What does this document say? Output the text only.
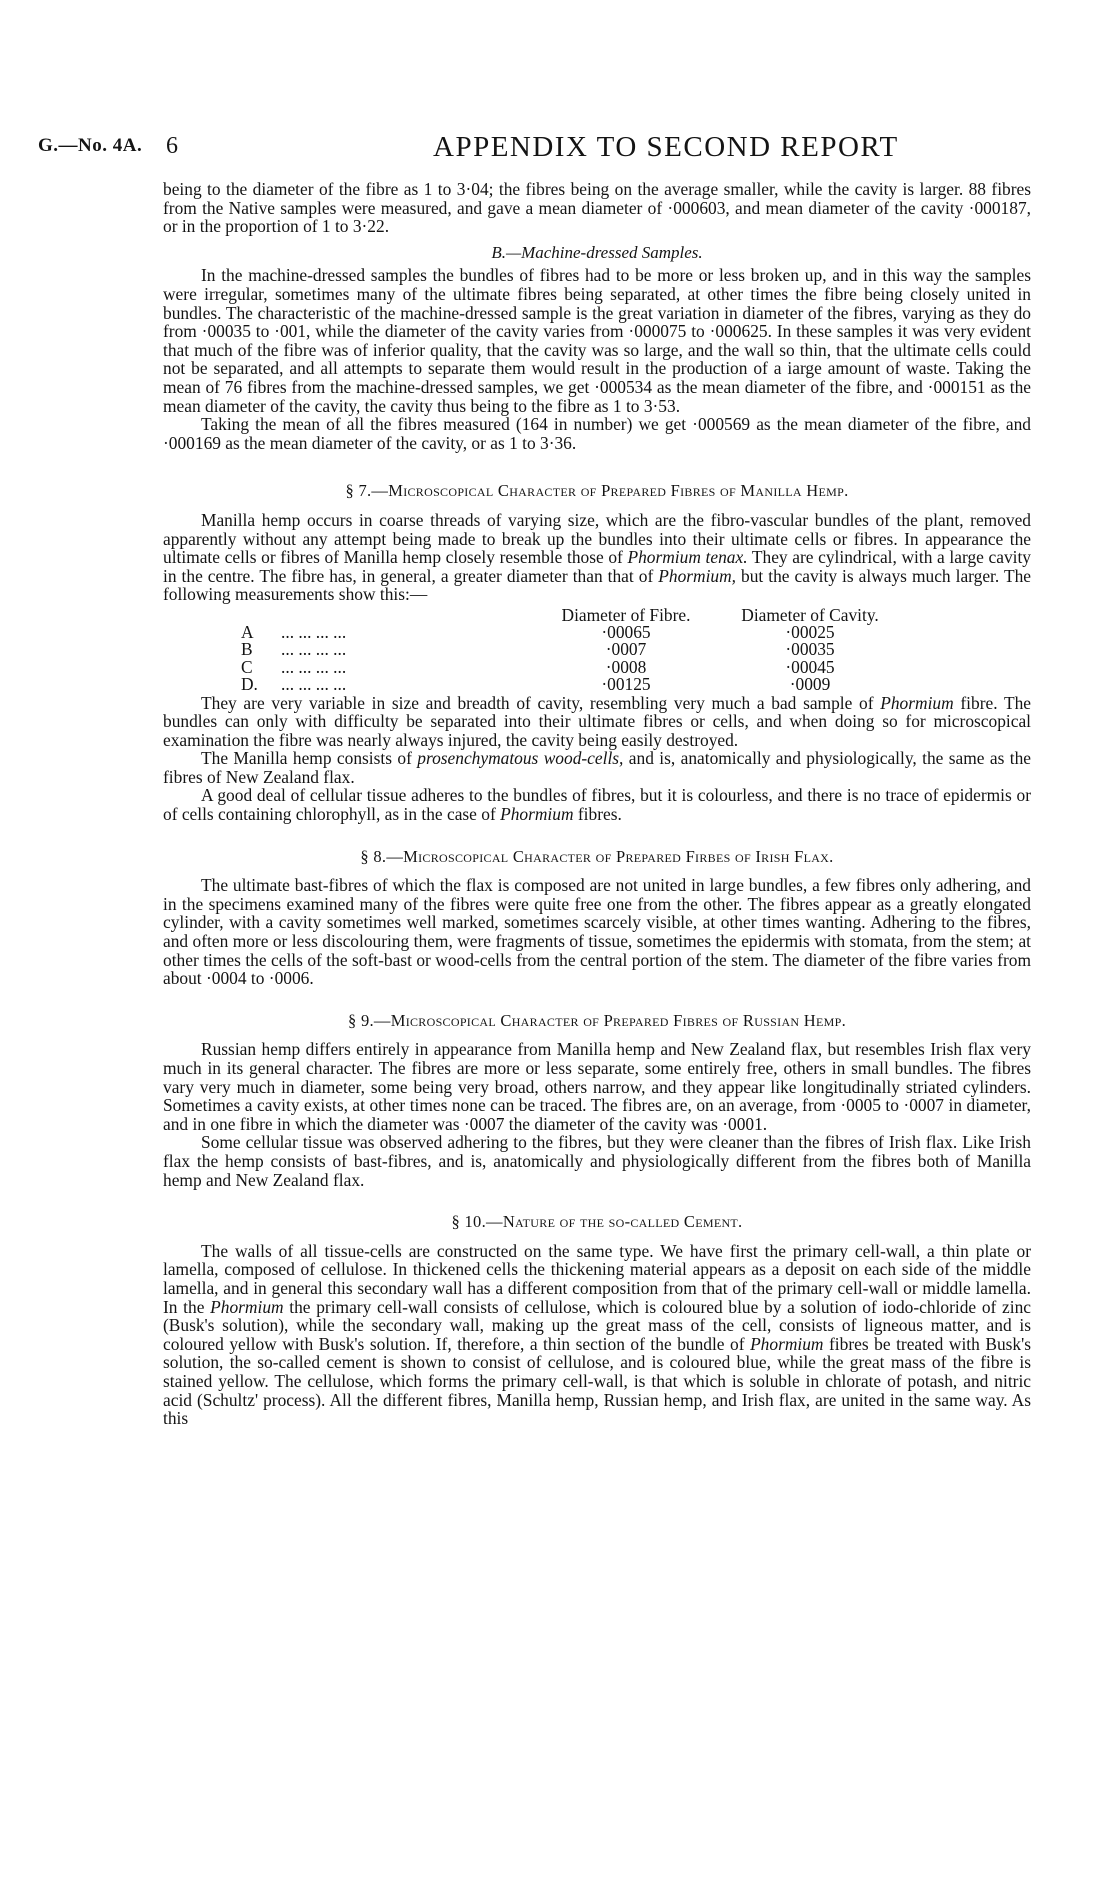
G.—No. 4A. 6	APPENDIX TO SECOND REPORT

being to the diameter of the fibre as 1 to 3·04; the fibres being on the average smaller, while the cavity is larger. 88 fibres from the Native samples were measured, and gave a mean diameter of ·000603, and mean diameter of the cavity ·000187, or in the proportion of 1 to 3·22.

B.—Machine-dressed Samples.

In the machine-dressed samples the bundles of fibres had to be more or less broken up, and in this way the samples were irregular, sometimes many of the ultimate fibres being separated, at other times the fibre being closely united in bundles. The characteristic of the machine-dressed sample is the great variation in diameter of the fibres, varying as they do from ·00035 to ·001, while the diameter of the cavity varies from ·000075 to ·000625. In these samples it was very evident that much of the fibre was of inferior quality, that the cavity was so large, and the wall so thin, that the ultimate cells could not be separated, and all attempts to separate them would result in the production of a iarge amount of waste. Taking the mean of 76 fibres from the machine-dressed samples, we get ·000534 as the mean diameter of the fibre, and ·000151 as the mean diameter of the cavity, the cavity thus being to the fibre as 1 to 3·53.

Taking the mean of all the fibres measured (164 in number) we get ·000569 as the mean diameter of the fibre, and ·000169 as the mean diameter of the cavity, or as 1 to 3·36.

§ 7.—Microscopical Character of Prepared Fibres of Manilla Hemp.

Manilla hemp occurs in coarse threads of varying size, which are the fibro-vascular bundles of the plant, removed apparently without any attempt being made to break up the bundles into their ultimate cells or fibres. In appearance the ultimate cells or fibres of Manilla hemp closely resemble those of Phormium tenax. They are cylindrical, with a large cavity in the centre. The fibre has, in general, a greater diameter than that of Phormium, but the cavity is always much larger. The following measurements show this:—

		Diameter of Fibre.	Diameter of Cavity.
A	... ... ... ...	·00065	·00025
B	... ... ... ...	·0007	·00035
C	... ... ... ...	·0008	·00045
D.	... ... ... ...	·00125	·0009

They are very variable in size and breadth of cavity, resembling very much a bad sample of Phormium fibre. The bundles can only with difficulty be separated into their ultimate fibres or cells, and when doing so for microscopical examination the fibre was nearly always injured, the cavity being easily destroyed.

The Manilla hemp consists of prosenchymatous wood-cells, and is, anatomically and physiologically, the same as the fibres of New Zealand flax.

A good deal of cellular tissue adheres to the bundles of fibres, but it is colourless, and there is no trace of epidermis or of cells containing chlorophyll, as in the case of Phormium fibres.

§ 8.—Microscopical Character of Prepared Firbes of Irish Flax.

The ultimate bast-fibres of which the flax is composed are not united in large bundles, a few fibres only adhering, and in the specimens examined many of the fibres were quite free one from the other. The fibres appear as a greatly elongated cylinder, with a cavity sometimes well marked, sometimes scarcely visible, at other times wanting. Adhering to the fibres, and often more or less discolouring them, were fragments of tissue, sometimes the epidermis with stomata, from the stem; at other times the cells of the soft-bast or wood-cells from the central portion of the stem. The diameter of the fibre varies from about ·0004 to ·0006.

§ 9.—Microscopical Character of Prepared Fibres of Russian Hemp.

Russian hemp differs entirely in appearance from Manilla hemp and New Zealand flax, but resembles Irish flax very much in its general character. The fibres are more or less separate, some entirely free, others in small bundles. The fibres vary very much in diameter, some being very broad, others narrow, and they appear like longitudinally striated cylinders. Sometimes a cavity exists, at other times none can be traced. The fibres are, on an average, from ·0005 to ·0007 in diameter, and in one fibre in which the diameter was ·0007 the diameter of the cavity was ·0001.

Some cellular tissue was observed adhering to the fibres, but they were cleaner than the fibres of Irish flax. Like Irish flax the hemp consists of bast-fibres, and is, anatomically and physiologically different from the fibres both of Manilla hemp and New Zealand flax.

§ 10.—Nature of the so-called Cement.

The walls of all tissue-cells are constructed on the same type. We have first the primary cell-wall, a thin plate or lamella, composed of cellulose. In thickened cells the thickening material appears as a deposit on each side of the middle lamella, and in general this secondary wall has a different composition from that of the primary cell-wall or middle lamella. In the Phormium the primary cell-wall consists of cellulose, which is coloured blue by a solution of iodo-chloride of zinc (Busk's solution), while the secondary wall, making up the great mass of the cell, consists of ligneous matter, and is coloured yellow with Busk's solution. If, therefore, a thin section of the bundle of Phormium fibres be treated with Busk's solution, the so-called cement is shown to consist of cellulose, and is coloured blue, while the great mass of the fibre is stained yellow. The cellulose, which forms the primary cell-wall, is that which is soluble in chlorate of potash, and nitric acid (Schultz' process). All the different fibres, Manilla hemp, Russian hemp, and Irish flax, are united in the same way. As this
